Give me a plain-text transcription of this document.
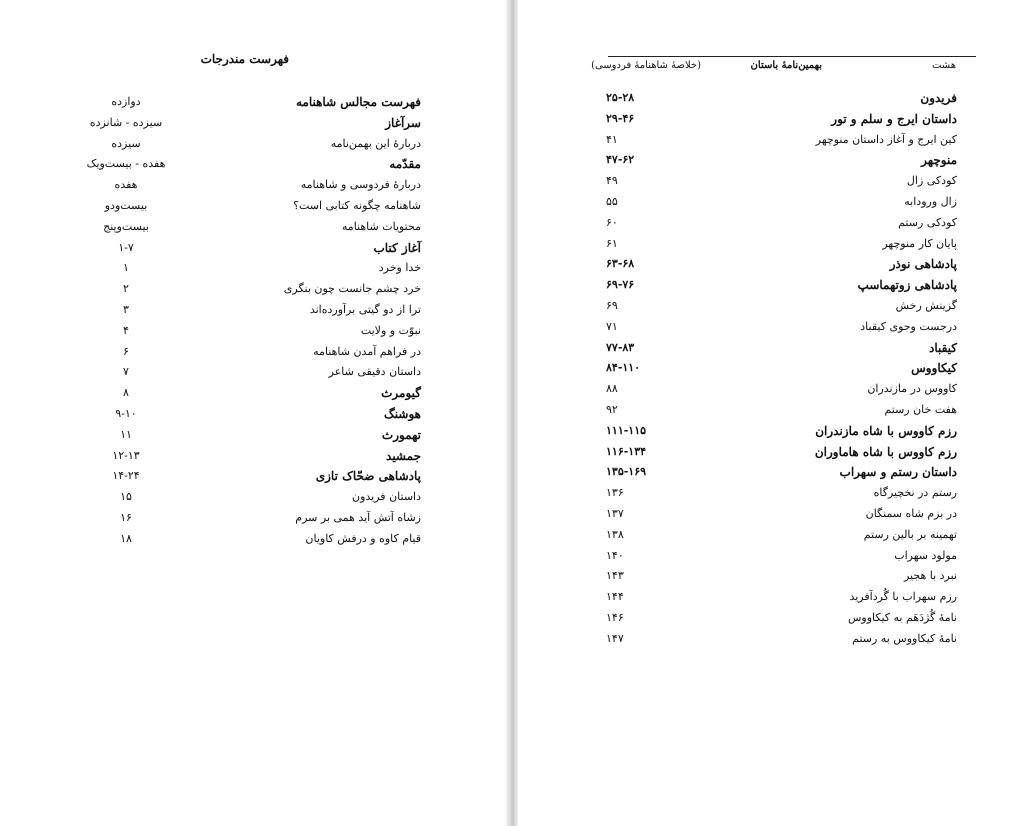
فهرست مندرجات
فهرست مجالس شاهنامه
دوازده
سرآغاز
سیزده - شانزده
دربارهٔ این بهمن‌نامه
سیزده
مقدّمه
هفده - بیست‌ویک
دربارهٔ فردوسی و شاهنامه
هفده
شاهنامه چگونه کتابی است؟
بیست‌ودو
محتویات شاهنامه
بیست‌وپنج
آغاز کتاب
۱-۷
خدا وخرد
۱
خرد چشم جانست چون بنگری
۲
ترا از دو گیتی برآورده‌اند
۳
نبوّت و ولایت
۴
در فراهم آمدن شاهنامه
۶
داستان دقیقی شاعر
۷
گیومرث
۸
هوشنگ
۹-۱۰
تهمورث
۱۱
جمشید
۱۲-۱۳
پادشاهی ضحّاک تازی
۱۴-۲۴
داستان فریدون
۱۵
زشاه آتش آید همی بر سرم
۱۶
قیام کاوه و درفش کاویان
۱۸
هشت
بهمین‌نامهٔ باستان
(خلاصهٔ شاهنامهٔ فردوسی)
فریدون
۲۵-۲۸
داستان ایرج و سلم و تور
۲۹-۴۶
کین ایرج و آغاز داستان منوچهر
۴۱
منوچهر
۴۷-۶۲
کودکی زال
۴۹
زال ورودابه
۵۵
کودکی رستم
۶۰
پایان کار منوچهر
۶۱
پادشاهی نوذر
۶۳-۶۸
پادشاهی زوتهماسپ
۶۹-۷۶
گزینش رخش
۶۹
درجست وجوی کیقباد
۷۱
کیقباد
۷۷-۸۳
کیکاووس
۸۴-۱۱۰
کاووس در مازندران
۸۸
هفت خان رستم
۹۲
رزم کاووس با شاه مازندران
۱۱۱-۱۱۵
رزم کاووس با شاه هاماوران
۱۱۶-۱۳۴
داستان رستم و سهراب
۱۳۵-۱۶۹
رستم در نخچیرگاه
۱۳۶
در بزم شاه سمنگان
۱۳۷
تهمینه بر بالین رستم
۱۳۸
مولود سهراب
۱۴۰
نبرد با هجیر
۱۴۳
رزم سهراب با گُردآفرید
۱۴۴
نامهٔ گُژدَهَم به کیکاووس
۱۴۶
نامهٔ کیکاووس به رستم
۱۴۷
